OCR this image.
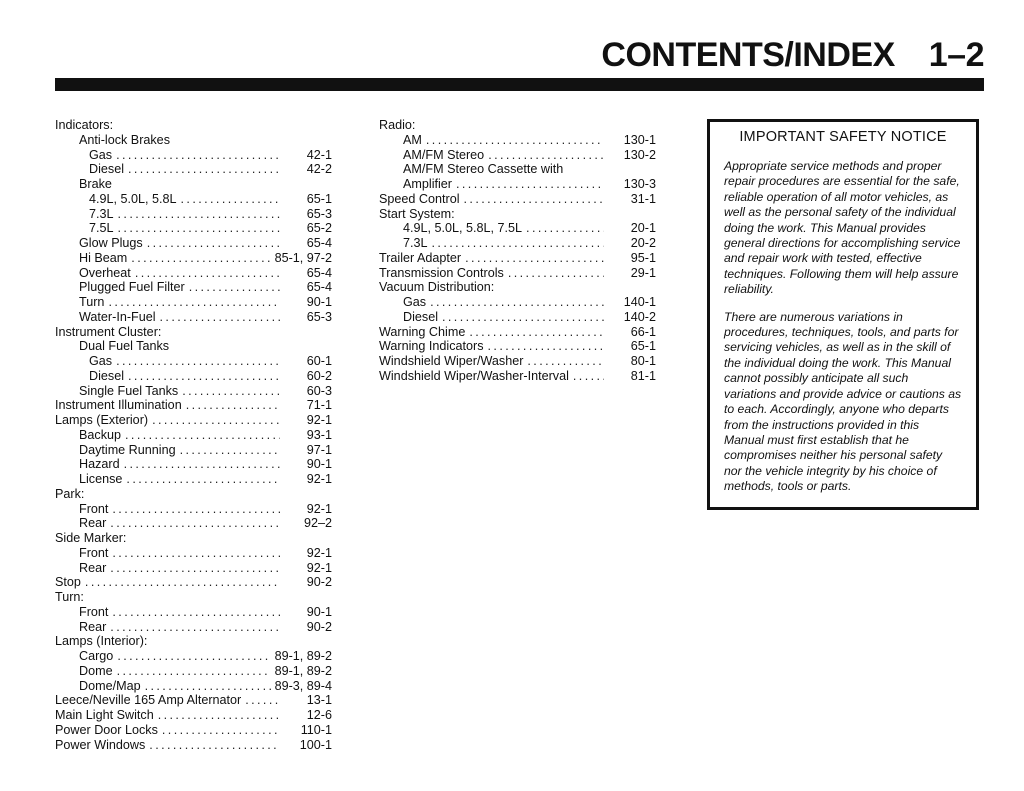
CONTENTS/INDEX 1–2
Indicators:
Anti-lock Brakes
Gas .....	42-1
Diesel .....	42-2
Brake
4.9L, 5.0L, 5.8L .....	65-1
7.3L .....	65-3
7.5L .....	65-2
Glow Plugs .....	65-4
Hi Beam .....	85-1, 97-2
Overheat .....	65-4
Plugged Fuel Filter .....	65-4
Turn .....	90-1
Water-In-Fuel .....	65-3
Instrument Cluster:
Dual Fuel Tanks
Gas .....	60-1
Diesel .....	60-2
Single Fuel Tanks .....	60-3
Instrument Illumination .....	71-1
Lamps (Exterior) .....	92-1
Backup .....	93-1
Daytime Running .....	97-1
Hazard .....	90-1
License .....	92-1
Park:
Front .....	92-1
Rear .....	92–2
Side Marker:
Front .....	92-1
Rear .....	92-1
Stop .....	90-2
Turn:
Front .....	90-1
Rear .....	90-2
Lamps (Interior):
Cargo .....	89-1, 89-2
Dome .....	89-1, 89-2
Dome/Map .....	89-3, 89-4
Leece/Neville 165 Amp Alternator .....	13-1
Main Light Switch .....	12-6
Power Door Locks .....	110-1
Power Windows .....	100-1
Radio:
AM .....	130-1
AM/FM Stereo .....	130-2
AM/FM Stereo Cassette with
Amplifier .....	130-3
Speed Control .....	31-1
Start System:
4.9L, 5.0L, 5.8L, 7.5L .....	20-1
7.3L .....	20-2
Trailer Adapter .....	95-1
Transmission Controls .....	29-1
Vacuum Distribution:
Gas .....	140-1
Diesel .....	140-2
Warning Chime .....	66-1
Warning Indicators .....	65-1
Windshield Wiper/Washer .....	80-1
Windshield Wiper/Washer-Interval .....	81-1
IMPORTANT SAFETY NOTICE

Appropriate service methods and proper repair procedures are essential for the safe, reliable operation of all motor vehicles, as well as the personal safety of the individual doing the work. This Manual provides general directions for accomplishing service and repair work with tested, effective techniques. Following them will help assure reliability.

There are numerous variations in procedures, techniques, tools, and parts for servicing vehicles, as well as in the skill of the individual doing the work. This Manual cannot possibly anticipate all such variations and provide advice or cautions as to each. Accordingly, anyone who departs from the instructions provided in this Manual must first establish that he compromises neither his personal safety nor the vehicle integrity by his choice of methods, tools or parts.
